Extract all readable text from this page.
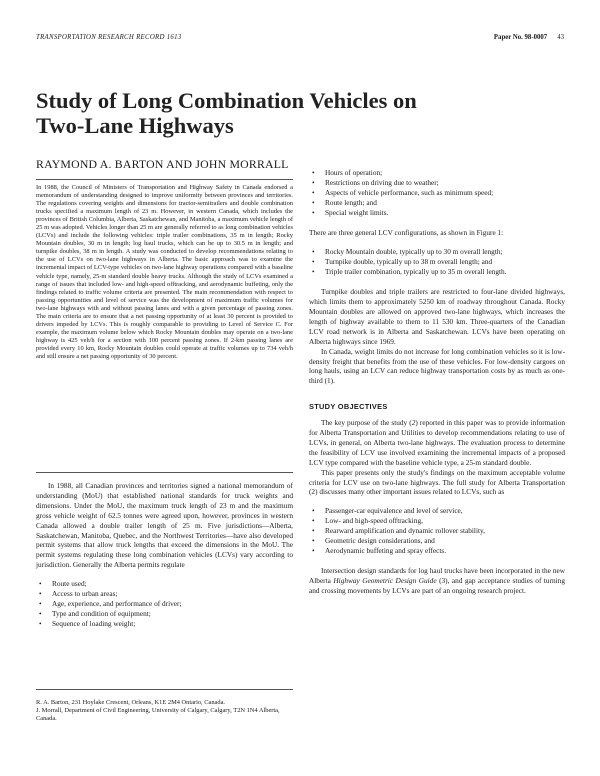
TRANSPORTATION RESEARCH RECORD 1613	Paper No. 98-0007 43
Study of Long Combination Vehicles on Two-Lane Highways

RAYMOND A. BARTON AND JOHN MORRALL

In 1988, the Council of Ministers of Transportation and Highway Safety in Canada endorsed a memorandum of understanding designed to improve uniformity between provinces and territories. The regulations covering weights and dimensions for tractor-semitrailers and double combination trucks specified a maximum length of 23 m. However, in western Canada, which includes the provinces of British Columbia, Alberta, Saskatchewan, and Manitoba, a maximum vehicle length of 25 m was adopted. Vehicles longer than 25 m are generally referred to as long combination vehicles (LCVs) and include the following vehicles: triple trailer combinations, 35 m in length; Rocky Mountain doubles, 30 m in length; log haul trucks, which can be up to 30.5 m in length; and turnpike doubles, 38 m in length. A study was conducted to develop recommendations relating to the use of LCVs on two-lane highways in Alberta. The basic approach was to examine the incremental impact of LCV-type vehicles on two-lane highway operations compared with a baseline vehicle type, namely, 25-m standard double heavy trucks. Although the study of LCVs examined a range of issues that included low- and high-speed offtracking, and aerodynamic buffeting, only the findings related to traffic volume criteria are presented. The main recommendation with respect to passing opportunities and level of service was the development of maximum traffic volumes for two-lane highways with and without passing lanes and with a given percentage of passing zones. The main criteria are to ensure that a net passing opportunity of at least 30 percent is provided to drivers impeded by LCVs. This is roughly comparable to providing to Level of Service C. For example, the maximum volume below which Rocky Mountain doubles may operate on a two-lane highway is 425 veh/h for a section with 100 percent passing zones. If 2-km passing lanes are provided every 10 km, Rocky Mountain doubles could operate at traffic volumes up to 734 veh/h and still ensure a net passing opportunity of 30 percent.

In 1988, all Canadian provinces and territories signed a national memorandum of understanding (MoU) that established national standards for truck weights and dimensions. Under the MoU, the maximum truck length of 23 m and the maximum gross vehicle weight of 62.5 tonnes were agreed upon, however, provinces in western Canada allowed a double trailer length of 25 m. Five jurisdictions—Alberta, Saskatchewan, Manitoba, Quebec, and the Northwest Territories—have also developed permit systems that allow truck lengths that exceed the dimensions in the MoU. The permit systems regulating these long combination vehicles (LCVs) vary according to jurisdiction. Generally the Alberta permits regulate

• Route used;
• Access to urban areas;
• Age, experience, and performance of driver;
• Type and condition of equipment;
• Sequence of loading weight;

R. A. Barton, 231 Hoylake Crescent, Orleans, K1E 2M4 Ontario, Canada.

J. Morrall, Department of Civil Engineering, University of Calgary, Calgary, T2N 1N4 Alberta, Canada.

• Hours of operation;
• Restrictions on driving due to weather;
• Aspects of vehicle performance, such as minimum speed;
• Route length; and
• Special weight limits.

There are three general LCV configurations, as shown in Figure 1:

• Rocky Mountain double, typically up to 30 m overall length;
• Turnpike double, typically up to 38 m overall length; and
• Triple trailer combination, typically up to 35 m overall length.

Turnpike doubles and triple trailers are restricted to four-lane divided highways, which limits them to approximately 5250 km of roadway throughout Canada. Rocky Mountain doubles are allowed on approved two-lane highways, which increases the length of highway available to them to 11 530 km. Three-quarters of the Canadian LCV road network is in Alberta and Saskatchewan. LCVs have been operating on Alberta highways since 1969.

In Canada, weight limits do not increase for long combination vehicles so it is low-density freight that benefits from the use of these vehicles. For low-density cargoes on long hauls, using an LCV can reduce highway transportation costs by as much as one-third (1).

STUDY OBJECTIVES

The key purpose of the study (2) reported in this paper was to provide information for Alberta Transportation and Utilities to develop recommendations relating to use of LCVs, in general, on Alberta two-lane highways. The evaluation process to determine the feasibility of LCV use involved examining the incremental impacts of a proposed LCV type compared with the baseline vehicle type, a 25-m standard double.

This paper presents only the study's findings on the maximum acceptable volume criteria for LCV use on two-lane highways. The full study for Alberta Transportation (2) discusses many other important issues related to LCVs, such as

• Passenger-car equivalence and level of service,
• Low- and high-speed offtracking,
• Rearward amplification and dynamic rollover stability,
• Geometric design considerations, and
• Aerodynamic buffeting and spray effects.

Intersection design standards for log haul trucks have been incorporated in the new Alberta Highway Geometric Design Guide (3), and gap acceptance studies of turning and crossing movements by LCVs are part of an ongoing research project.
